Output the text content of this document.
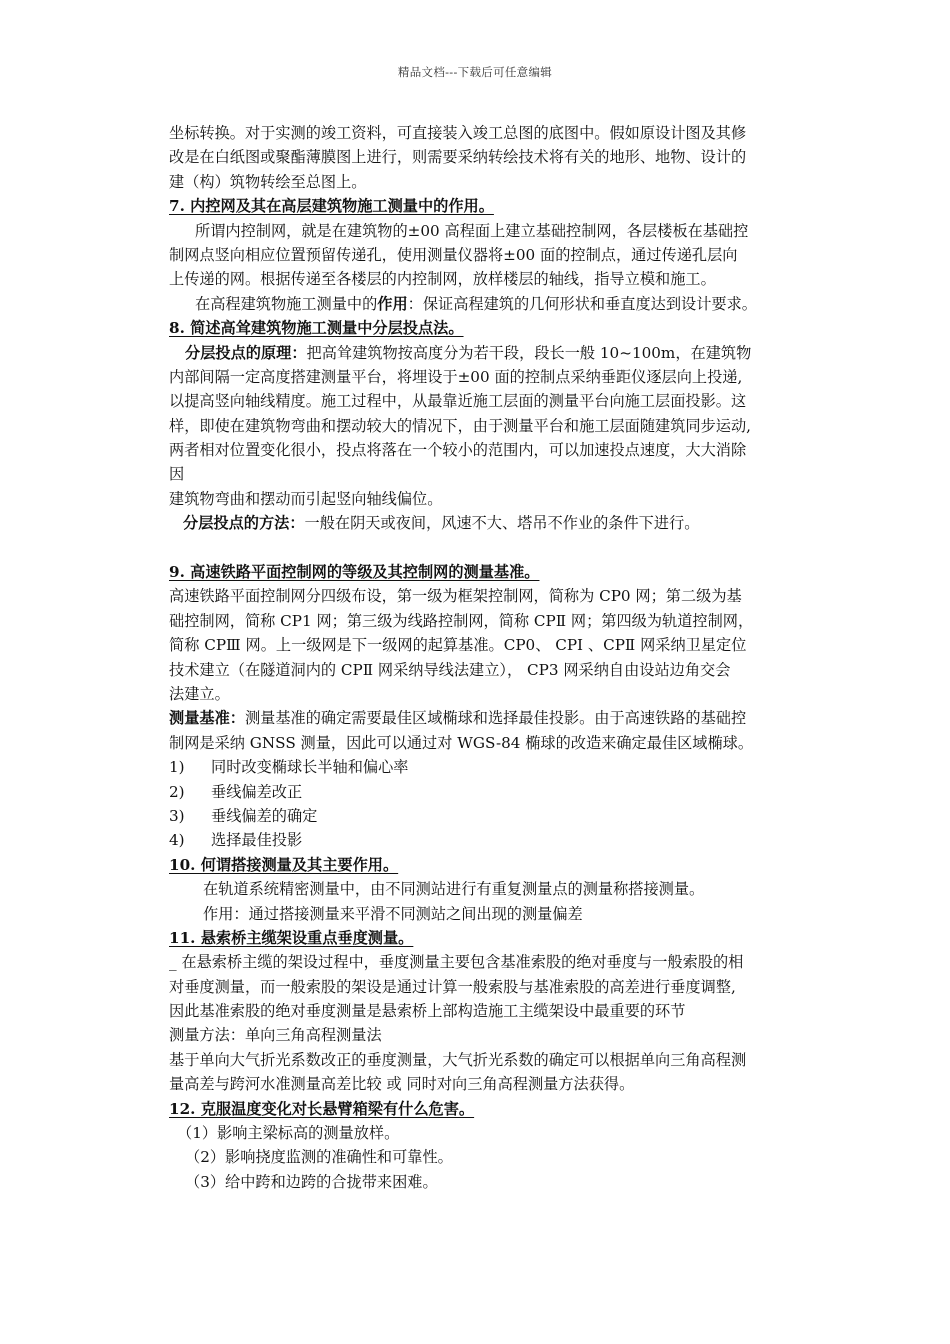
精品文档---下载后可任意编辑
坐标转换。对于实测的竣工资料，可直接装入竣工总图的底图中。假如原设计图及其修
改是在白纸图或聚酯薄膜图上进行，则需要采纳转绘技术将有关的地形、地物、设计的
建（构）筑物转绘至总图上。
7. 内控网及其在高层建筑物施工测量中的作用。
所谓内控制网，就是在建筑物的±00 高程面上建立基础控制网，各层楼板在基础控
制网点竖向相应位置预留传递孔，使用测量仪器将±00 面的控制点，通过传递孔层向
上传递的网。根据传递至各楼层的内控制网，放样楼层的轴线，指导立模和施工。
在高程建筑物施工测量中的作用：保证高程建筑的几何形状和垂直度达到设计要求。
8. 简述高耸建筑物施工测量中分层投点法。
分层投点的原理：把高耸建筑物按高度分为若干段，段长一般 10~100m，在建筑物
内部间隔一定高度搭建测量平台，将埋设于±00 面的控制点采纳垂距仪逐层向上投递,
以提高竖向轴线精度。施工过程中，从最靠近施工层面的测量平台向施工层面投影。这
样，即使在建筑物弯曲和摆动较大的情况下，由于测量平台和施工层面随建筑同步运动,
两者相对位置变化很小，投点将落在一个较小的范围内，可以加速投点速度，大大消除
因
建筑物弯曲和摆动而引起竖向轴线偏位。
分层投点的方法：一般在阴天或夜间，风速不大、塔吊不作业的条件下进行。
9. 高速铁路平面控制网的等级及其控制网的测量基准。
高速铁路平面控制网分四级布设，第一级为框架控制网，简称为 CP0 网；第二级为基
础控制网，简称 CP1 网；第三级为线路控制网，简称 CPⅡ 网；第四级为轨道控制网，
简称 CPⅢ 网。上一级网是下一级网的起算基准。CP0、 CPⅠ 、CPⅡ 网采纳卫星定位
技术建立（在隧道洞内的 CPⅡ 网采纳导线法建立）， CP3 网采纳自由设站边角交会
法建立。
测量基准：测量基准的确定需要最佳区域椭球和选择最佳投影。由于高速铁路的基础控
制网是采纳 GNSS 测量，因此可以通过对 WGS-84 椭球的改造来确定最佳区域椭球。
1) 同时改变椭球长半轴和偏心率
2) 垂线偏差改正
3) 垂线偏差的确定
4) 选择最佳投影
10. 何谓搭接测量及其主要作用。
在轨道系统精密测量中，由不同测站进行有重复测量点的测量称搭接测量。
作用：通过搭接测量来平滑不同测站之间出现的测量偏差
11. 悬索桥主缆架设重点垂度测量。
_ 在悬索桥主缆的架设过程中，垂度测量主要包含基准索股的绝对垂度与一般索股的相
对垂度测量，而一般索股的架设是通过计算一般索股与基准索股的高差进行垂度调整,
因此基准索股的绝对垂度测量是悬索桥上部构造施工主缆架设中最重要的环节
测量方法：单向三角高程测量法
基于单向大气折光系数改正的垂度测量，大气折光系数的确定可以根据单向三角高程测
量高差与跨河水准测量高差比较 或 同时对向三角高程测量方法获得。
12. 克服温度变化对长悬臂箱梁有什么危害。
（1）影响主梁标高的测量放样。
（2）影响挠度监测的准确性和可靠性。
（3）给中跨和边跨的合拢带来困难。
